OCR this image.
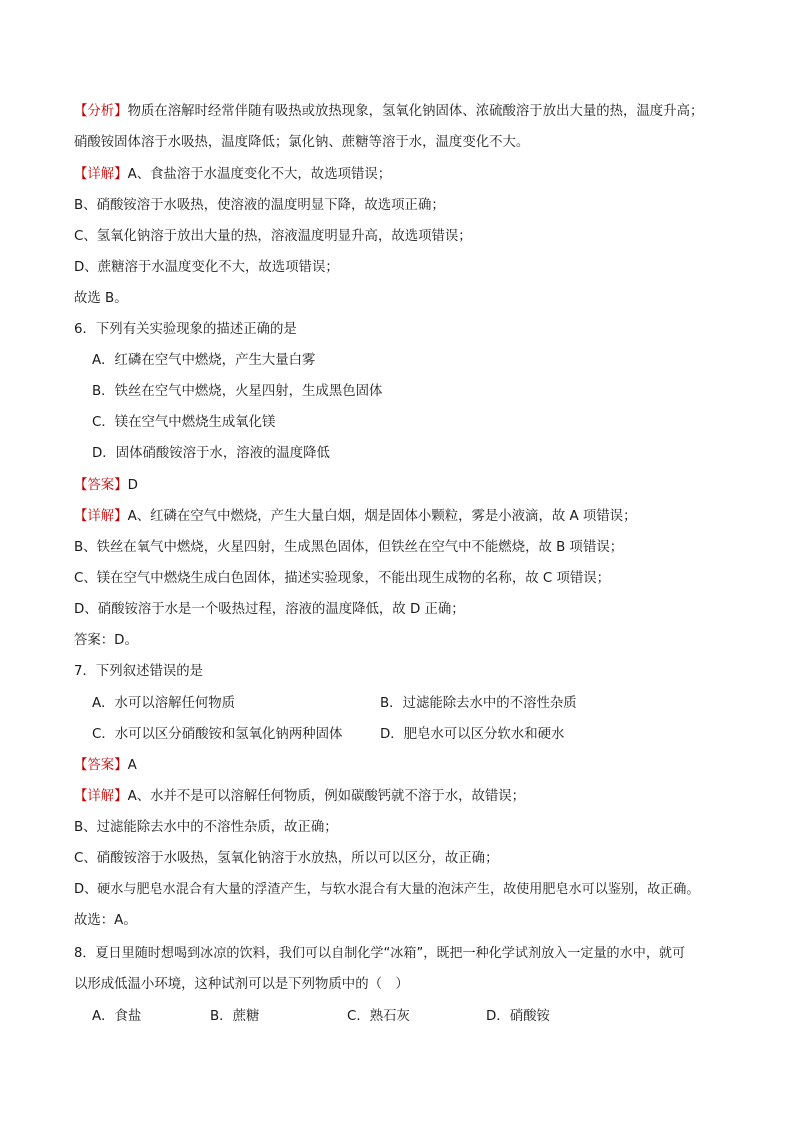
【分析】物质在溶解时经常伴随有吸热或放热现象，氢氧化钠固体、浓硫酸溶于放出大量的热，温度升高；
硝酸铵固体溶于水吸热，温度降低；氯化钠、蔗糖等溶于水，温度变化不大。
【详解】A、食盐溶于水温度变化不大，故选项错误；
B、硝酸铵溶于水吸热，使溶液的温度明显下降，故选项正确；
C、氢氧化钠溶于放出大量的热，溶液温度明显升高，故选项错误；
D、蔗糖溶于水温度变化不大，故选项错误；
故选 B。
6．下列有关实验现象的描述正确的是
A．红磷在空气中燃烧，产生大量白雾
B．铁丝在空气中燃烧，火星四射，生成黑色固体
C．镁在空气中燃烧生成氧化镁
D．固体硝酸铵溶于水，溶液的温度降低
【答案】D
【详解】A、红磷在空气中燃烧，产生大量白烟，烟是固体小颗粒，雾是小液滴，故 A 项错误；
B、铁丝在氧气中燃烧，火星四射，生成黑色固体，但铁丝在空气中不能燃烧，故 B 项错误；
C、镁在空气中燃烧生成白色固体，描述实验现象，不能出现生成物的名称，故 C 项错误；
D、硝酸铵溶于水是一个吸热过程，溶液的温度降低，故 D 正确；
答案：D。
7．下列叙述错误的是
A．水可以溶解任何物质	B．过滤能除去水中的不溶性杂质
C．水可以区分硝酸铵和氢氧化钠两种固体	D．肥皂水可以区分软水和硬水
【答案】A
【详解】A、水并不是可以溶解任何物质，例如碳酸钙就不溶于水，故错误；
B、过滤能除去水中的不溶性杂质，故正确；
C、硝酸铵溶于水吸热，氢氧化钠溶于水放热，所以可以区分，故正确；
D、硬水与肥皂水混合有大量的浮渣产生，与软水混合有大量的泡沫产生，故使用肥皂水可以鉴别，故正确。
故选：A。
8．夏日里随时想喝到冰凉的饮料，我们可以自制化学“冰箱”，既把一种化学试剂放入一定量的水中，就可
以形成低温小环境，这种试剂可以是下列物质中的（　）
A．食盐	B．蔗糖	C．熟石灰	D．硝酸铵
